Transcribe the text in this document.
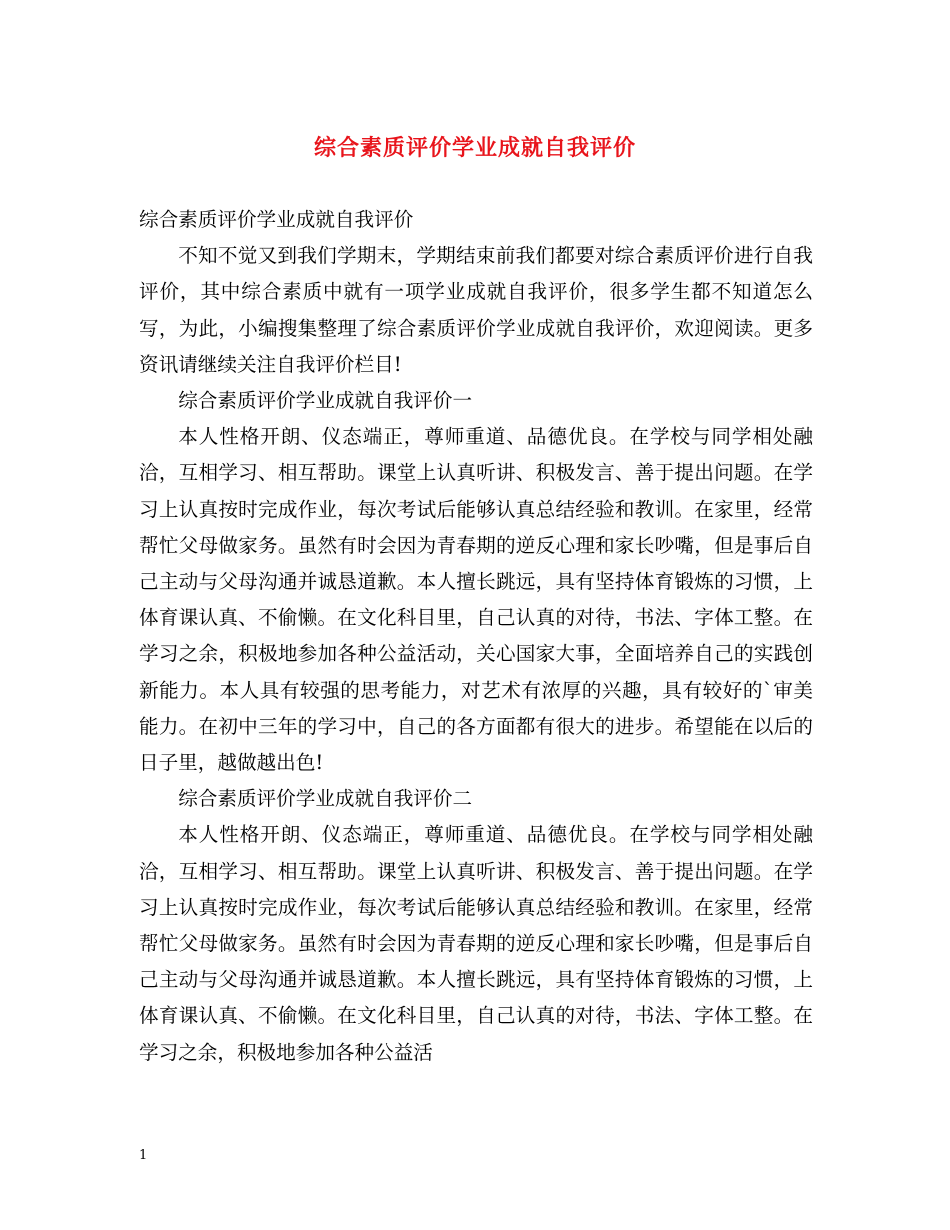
综合素质评价学业成就自我评价

综合素质评价学业成就自我评价

不知不觉又到我们学期末，学期结束前我们都要对综合素质评价进行自我评价，其中综合素质中就有一项学业成就自我评价，很多学生都不知道怎么写，为此，小编搜集整理了综合素质评价学业成就自我评价，欢迎阅读。更多资讯请继续关注自我评价栏目!

综合素质评价学业成就自我评价一

本人性格开朗、仪态端正，尊师重道、品德优良。在学校与同学相处融洽，互相学习、相互帮助。课堂上认真听讲、积极发言、善于提出问题。在学习上认真按时完成作业，每次考试后能够认真总结经验和教训。在家里，经常帮忙父母做家务。虽然有时会因为青春期的逆反心理和家长吵嘴，但是事后自己主动与父母沟通并诚恳道歉。本人擅长跳远，具有坚持体育锻炼的习惯，上体育课认真、不偷懒。在文化科目里，自己认真的对待，书法、字体工整。在学习之余，积极地参加各种公益活动，关心国家大事，全面培养自己的实践创新能力。本人具有较强的思考能力，对艺术有浓厚的兴趣，具有较好的`审美能力。在初中三年的学习中，自己的各方面都有很大的进步。希望能在以后的日子里，越做越出色!

综合素质评价学业成就自我评价二

本人性格开朗、仪态端正，尊师重道、品德优良。在学校与同学相处融洽，互相学习、相互帮助。课堂上认真听讲、积极发言、善于提出问题。在学习上认真按时完成作业，每次考试后能够认真总结经验和教训。在家里，经常帮忙父母做家务。虽然有时会因为青春期的逆反心理和家长吵嘴，但是事后自己主动与父母沟通并诚恳道歉。本人擅长跳远，具有坚持体育锻炼的习惯，上体育课认真、不偷懒。在文化科目里，自己认真的对待，书法、字体工整。在学习之余，积极地参加各种公益活

1
